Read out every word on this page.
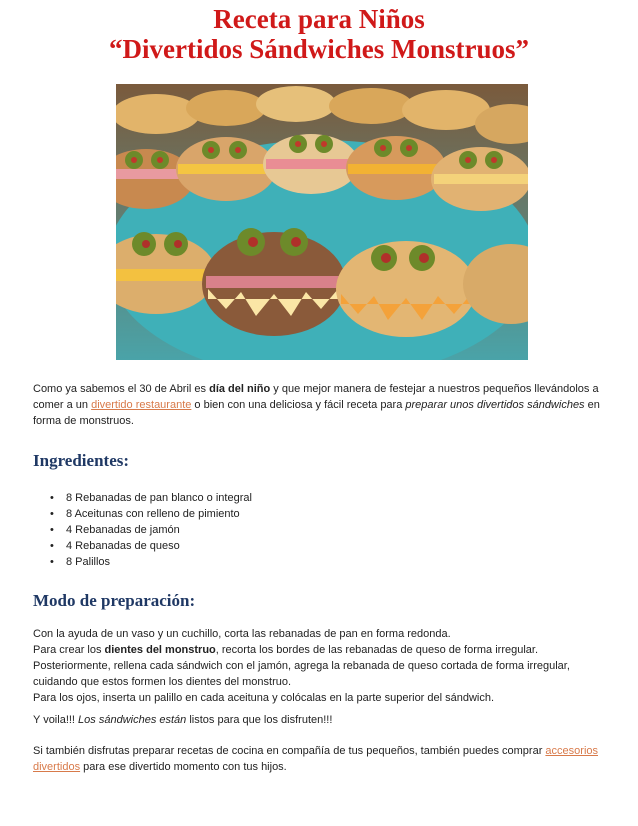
Receta para Niños
“Divertidos Sándwiches Monstruos”

Como ya sabemos el 30 de Abril es día del niño y que mejor manera de festejar a nuestros pequeños llevándolos a comer a un divertido restaurante o bien con una deliciosa y fácil receta para preparar unos divertidos sándwiches en forma de monstruos.

Ingredientes:
• 8 Rebanadas de pan blanco o integral
• 8 Aceitunas con relleno de pimiento
• 4 Rebanadas de jamón
• 4 Rebanadas de queso
• 8 Palillos
Modo de preparación:

Con la ayuda de un vaso y un cuchillo, corta las rebanadas de pan en forma redonda.
Para crear los dientes del monstruo, recorta los bordes de las rebanadas de queso de forma irregular.
Posteriormente, rellena cada sándwich con el jamón, agrega la rebanada de queso cortada de forma irregular, cuidando que estos formen los dientes del monstruo.
Para los ojos, inserta un palillo en cada aceituna y colócalas en la parte superior del sándwich.

Y voila!!! Los sándwiches están listos para que los disfruten!!!

Si también disfrutas preparar recetas de cocina en compañía de tus pequeños, también puedes comprar accesorios divertidos para ese divertido momento con tus hijos.
